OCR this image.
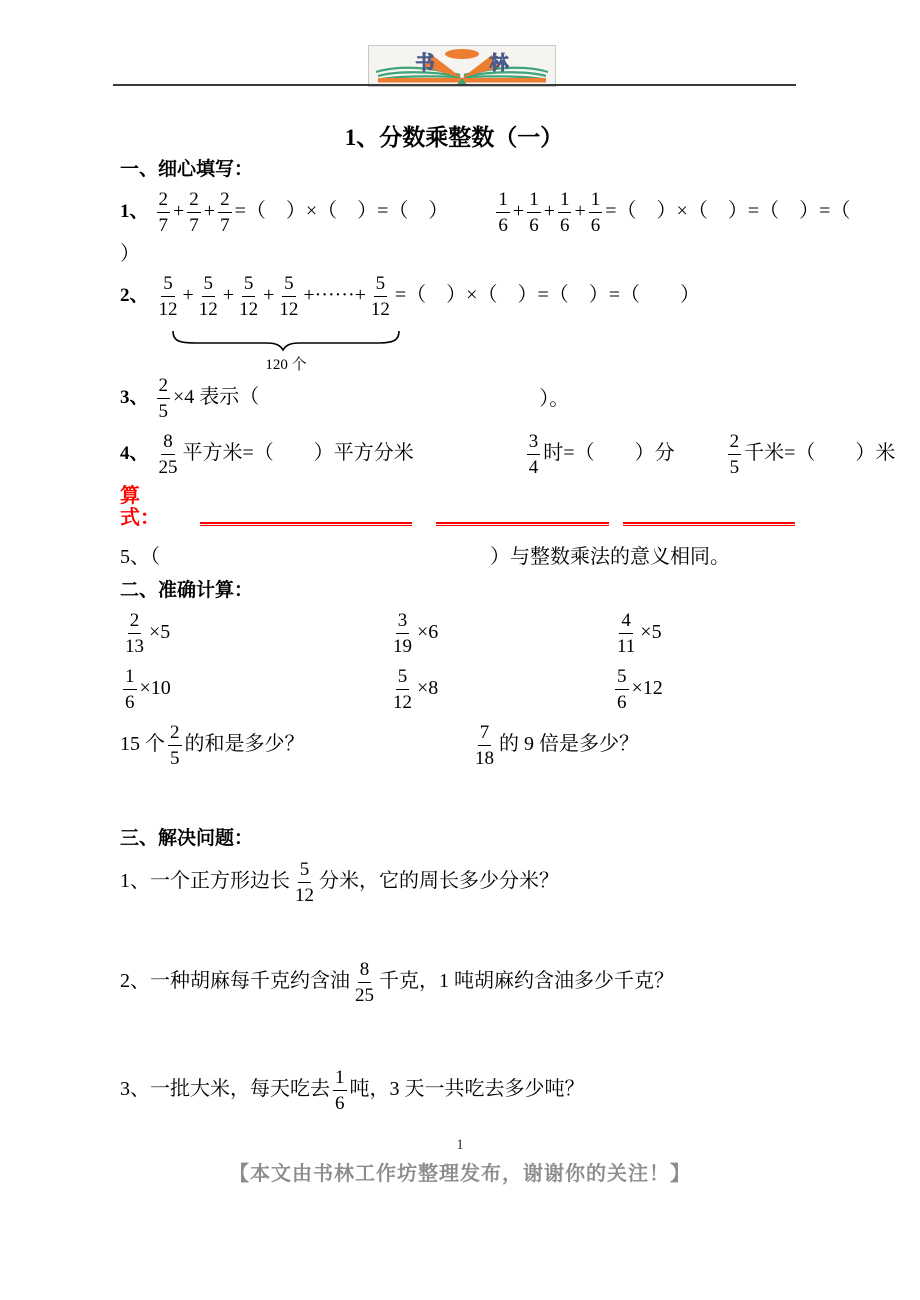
书	林
1、分数乘整数（一）
一、细心填写：
1、 $\frac{2}{7} + \frac{2}{7} + \frac{2}{7}$ =（　）×（　）=（　）	$\frac{1}{6} + \frac{1}{6} + \frac{1}{6} + \frac{1}{6}$ =（　）×（　）=（　）=（
）
2、 $\frac{5}{12} + \frac{5}{12} + \frac{5}{12} + \frac{5}{12}$ +······+ $\frac{5}{12}$ =（　）×（　）=（　）=（　　）
120 个
3、 $\frac{2}{5} \times 4$ 表示（	）。
4、 $\frac{8}{25}$ 平方米=（　　）平方分米	$\frac{3}{4}$ 时=（　　）分	$\frac{2}{5}$ 千米=（　　）米
算式：
5、（	）与整数乘法的意义相同。
二、准确计算：
$\frac{2}{13} \times 5$	$\frac{3}{19} \times 6$	$\frac{4}{11} \times 5$
$\frac{1}{6} \times 10$	$\frac{5}{12} \times 8$	$\frac{5}{6} \times 12$
15 个 $\frac{2}{5}$ 的和是多少？	$\frac{7}{18}$ 的 9 倍是多少？
三、解决问题：
1、一个正方形边长 $\frac{5}{12}$ 分米，它的周长多少分米？
2、一种胡麻每千克约含油 $\frac{8}{25}$ 千克，1 吨胡麻约含油多少千克？
3、一批大米，每天吃去 $\frac{1}{6}$ 吨，3 天一共吃去多少吨？
1
【本文由书林工作坊整理发布，谢谢你的关注！】
